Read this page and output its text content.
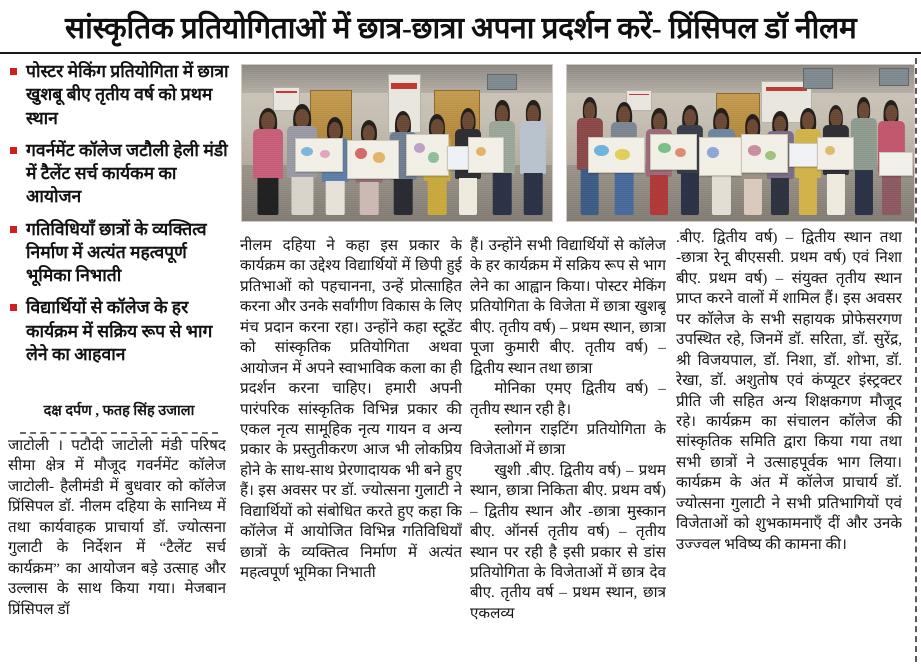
सांस्कृतिक प्रतियोगिताओं में छात्र-छात्रा अपना प्रदर्शन करें- प्रिंसिपल डॉ नीलम
पोस्टर मेकिंग प्रतियोगिता में छात्रा खुशबू बीए तृतीय वर्ष को प्रथम स्थान
गवर्नमेंट कॉलेज जटौली हेली मंडी में टैलेंट सर्च कार्यकम का आयोजन
गतिविधियाँ छात्रों के व्यक्तित्व निर्माण में अत्यंत महत्वपूर्ण भूमिका निभाती
विद्यार्थियों से कॉलेज के हर कार्यक्रम में सक्रिय रूप से भाग लेने का आहवान
दक्ष दर्पण , फतह सिंह उजाला

जाटोली । पटौदी जाटोली मंडी परिषद सीमा क्षेत्र में मौजूद गवर्नमेंट कॉलेज जाटोली- हैलीमंडी में बुधवार को कॉलेज प्रिंसिपल डॉ. नीलम दहिया के सानिध्य में तथा कार्यवाहक प्राचार्या डॉ. ज्योत्सना गुलाटी के निर्देशन में “टैलेंट सर्च कार्यक्रम” का आयोजन बड़े उत्साह और उल्लास के साथ किया गया। मेजबान प्रिंसिपल डॉ

नीलम दहिया ने कहा इस प्रकार के कार्यक्रम का उद्देश्य विद्यार्थियों में छिपी हुई प्रतिभाओं को पहचानना, उन्हें प्रोत्साहित करना और उनके सर्वांगीण विकास के लिए मंच प्रदान करना रहा। उन्होंने कहा स्टूडेंट को सांस्कृतिक प्रतियोगिता अथवा आयोजन में अपने स्वाभाविक कला का ही प्रदर्शन करना चाहिए। हमारी अपनी पारंपरिक सांस्कृतिक विभिन्न प्रकार की एकल नृत्य सामूहिक नृत्य गायन व अन्य प्रकार के प्रस्तुतीकरण आज भी लोकप्रिय होने के साथ-साथ प्रेरणादायक भी बने हुए हैं। इस अवसर पर डॉ. ज्योत्सना गुलाटी ने विद्यार्थियों को संबोधित करते हुए कहा कि कॉलेज में आयोजित विभिन्न गतिविधियाँ छात्रों के व्यक्तित्व निर्माण में अत्यंत महत्वपूर्ण भूमिका निभाती

हैं। उन्होंने सभी विद्यार्थियों से कॉलेज के हर कार्यक्रम में सक्रिय रूप से भाग लेने का आह्वान किया। पोस्टर मेकिंग प्रतियोगिता के विजेता में छात्रा खुशबू बीए. तृतीय वर्ष) – प्रथम स्थान, छात्रा पूजा कुमारी बीए. तृतीय वर्ष) – द्वितीय स्थान तथा छात्रा

मोनिका एमए द्वितीय वर्ष) – तृतीय स्थान रही है।

स्लोगन राइटिंग प्रतियोगिता के विजेताओं में छात्रा

खुशी .बीए. द्वितीय वर्ष) – प्रथम स्थान, छात्रा निकिता बीए. प्रथम वर्ष) – द्वितीय स्थान और -छात्रा मुस्कान बीए. ऑनर्स तृतीय वर्ष) – तृतीय स्थान पर रही है इसी प्रकार से डांस प्रतियोगिता के विजेताओं में छात्र देव बीए. तृतीय वर्ष – प्रथम स्थान, छात्र एकलव्य

.बीए. द्वितीय वर्ष) – द्वितीय स्थान तथा -छात्रा रेनू बीएससी. प्रथम वर्ष) एवं निशा बीए. प्रथम वर्ष) – संयुक्त तृतीय स्थान प्राप्त करने वालों में शामिल हैं। इस अवसर पर कॉलेज के सभी सहायक प्रोफेसरगण उपस्थित रहे, जिनमें डॉ. सरिता, डॉ. सुरेंद्र, श्री विजयपाल, डॉ. निशा, डॉ. शोभा, डॉ. रेखा, डॉ. अशुतोष एवं कंप्यूटर इंस्ट्रक्टर प्रीति जी सहित अन्य शिक्षकगण मौजूद रहे। कार्यक्रम का संचालन कॉलेज की सांस्कृतिक समिति द्वारा किया गया तथा सभी छात्रों ने उत्साहपूर्वक भाग लिया। कार्यक्रम के अंत में कॉलेज प्राचार्य डॉ. ज्योत्सना गुलाटी ने सभी प्रतिभागियों एवं विजेताओं को शुभकामनाएँ दीं और उनके उज्ज्वल भविष्य की कामना की।
